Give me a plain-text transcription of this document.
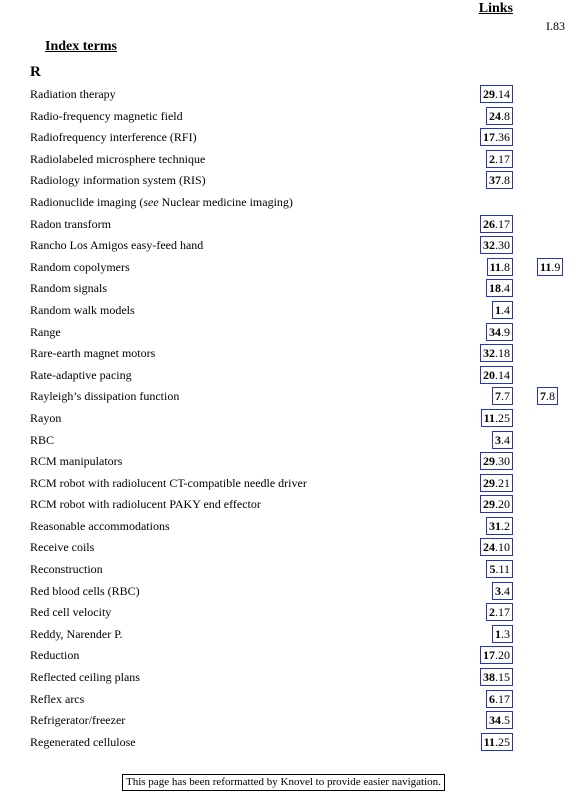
I.83
Index terms
Links
R
Radiation therapy	29.14
Radio-frequency magnetic field	24.8
Radiofrequency interference (RFI)	17.36
Radiolabeled microsphere technique	2.17
Radiology information system (RIS)	37.8
Radionuclide imaging (see Nuclear medicine imaging)
Radon transform	26.17
Rancho Los Amigos easy-feed hand	32.30
Random copolymers	11.8	11.9
Random signals	18.4
Random walk models	1.4
Range	34.9
Rare-earth magnet motors	32.18
Rate-adaptive pacing	20.14
Rayleigh’s dissipation function	7.7	7.8
Rayon	11.25
RBC	3.4
RCM manipulators	29.30
RCM robot with radiolucent CT-compatible needle driver	29.21
RCM robot with radiolucent PAKY end effector	29.20
Reasonable accommodations	31.2
Receive coils	24.10
Reconstruction	5.11
Red blood cells (RBC)	3.4
Red cell velocity	2.17
Reddy, Narender P.	1.3
Reduction	17.20
Reflected ceiling plans	38.15
Reflex arcs	6.17
Refrigerator/freezer	34.5
Regenerated cellulose	11.25
This page has been reformatted by Knovel to provide easier navigation.
